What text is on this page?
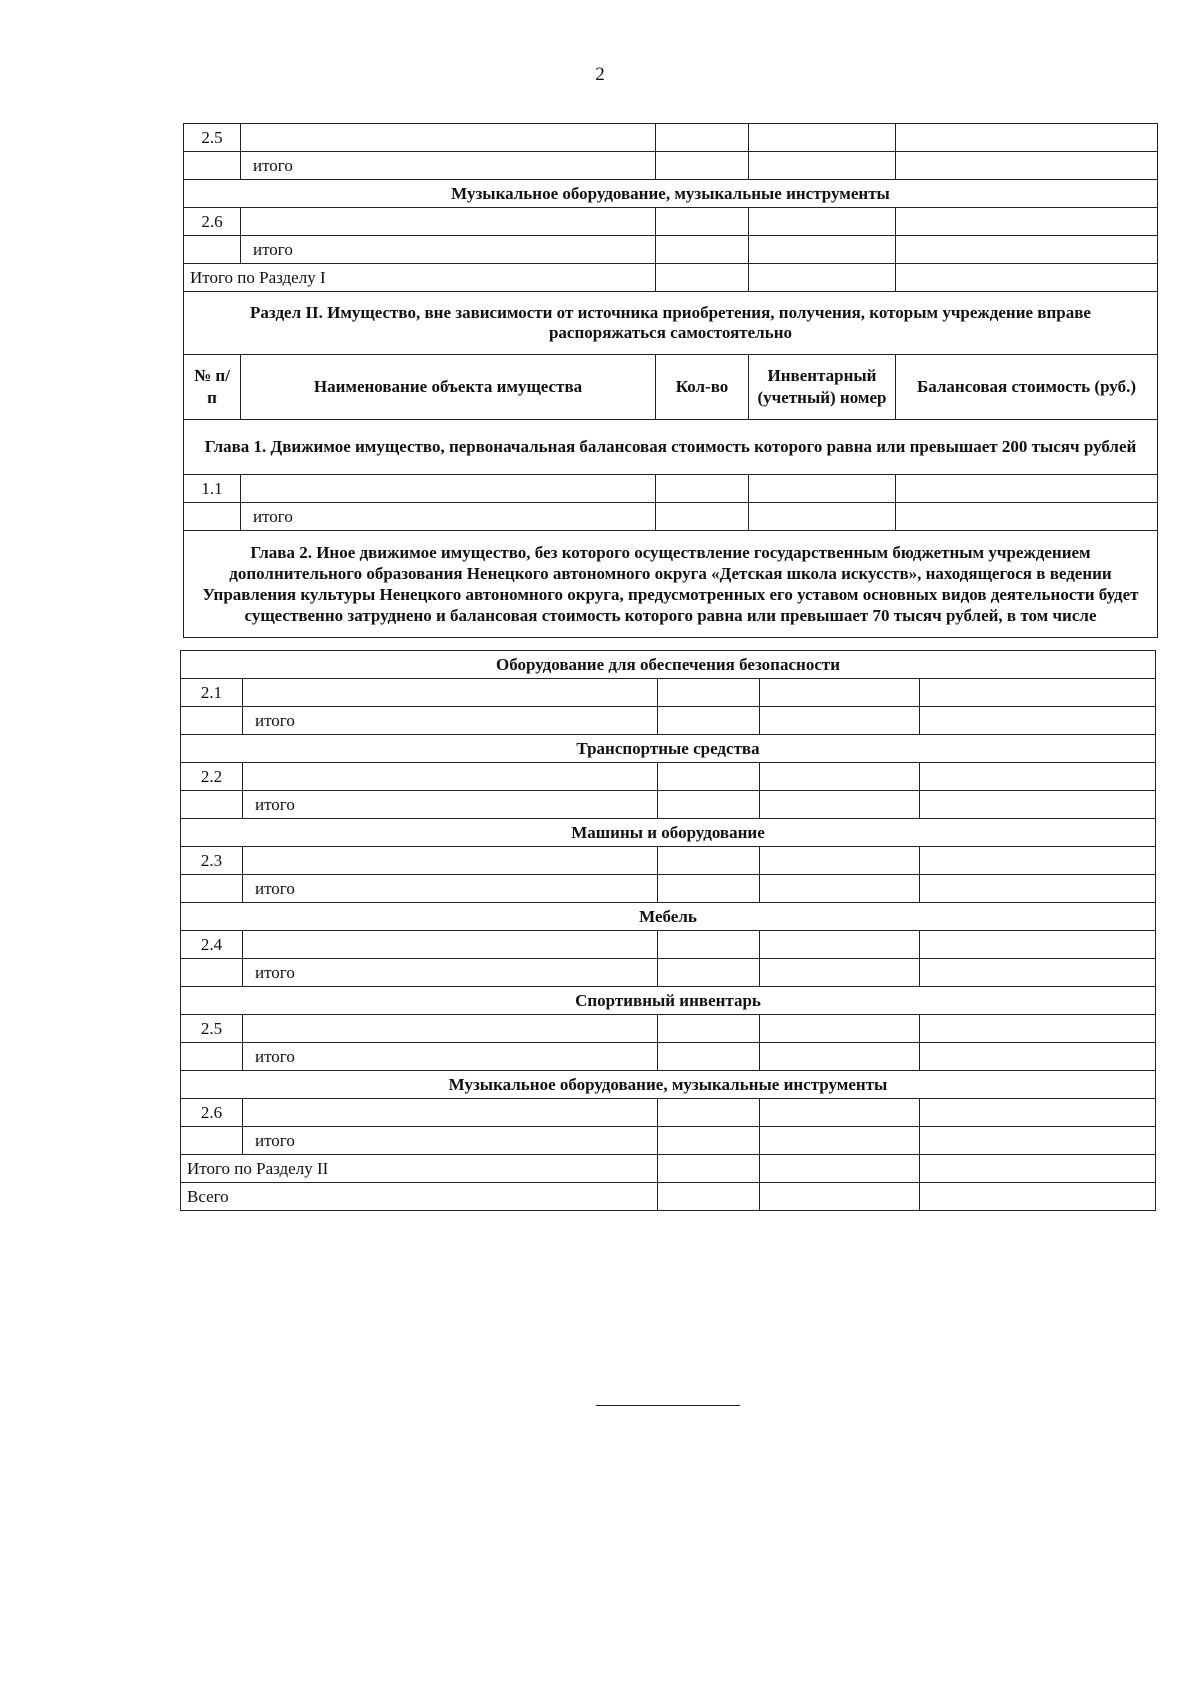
2
2.5				
	итого			
Музыкальное оборудование, музыкальные инструменты				
2.6				
	итого			
Итого по Разделу I				
Раздел II. Имущество, вне зависимости от источника приобретения, получения, которым учреждение вправе распоряжаться самостоятельно				
№ п/п	Наименование объекта имущества	Кол-во	Инвентарный (учетный) номер	Балансовая стоимость (руб.)
Глава 1. Движимое имущество, первоначальная балансовая стоимость которого равна или превышает 200 тысяч рублей				
1.1				
	итого			
Глава 2. Иное движимое имущество, без которого осуществление государственным бюджетным учреждением дополнительного образования Ненецкого автономного округа «Детская школа искусств», находящегося в ведении Управления культуры Ненецкого автономного округа, предусмотренных его уставом основных видов деятельности будет существенно затруднено и балансовая стоимость которого равна или превышает 70 тысяч рублей, в том числе				
Оборудование для обеспечения безопасности				
2.1				
	итого			
Транспортные средства				
2.2				
	итого			
Машины и оборудование				
2.3				
	итого			
Мебель				
2.4				
	итого			
Спортивный инвентарь				
2.5				
	итого			
Музыкальное оборудование, музыкальные инструменты				
2.6				
	итого			
Итого по Разделу II				
Всего				
